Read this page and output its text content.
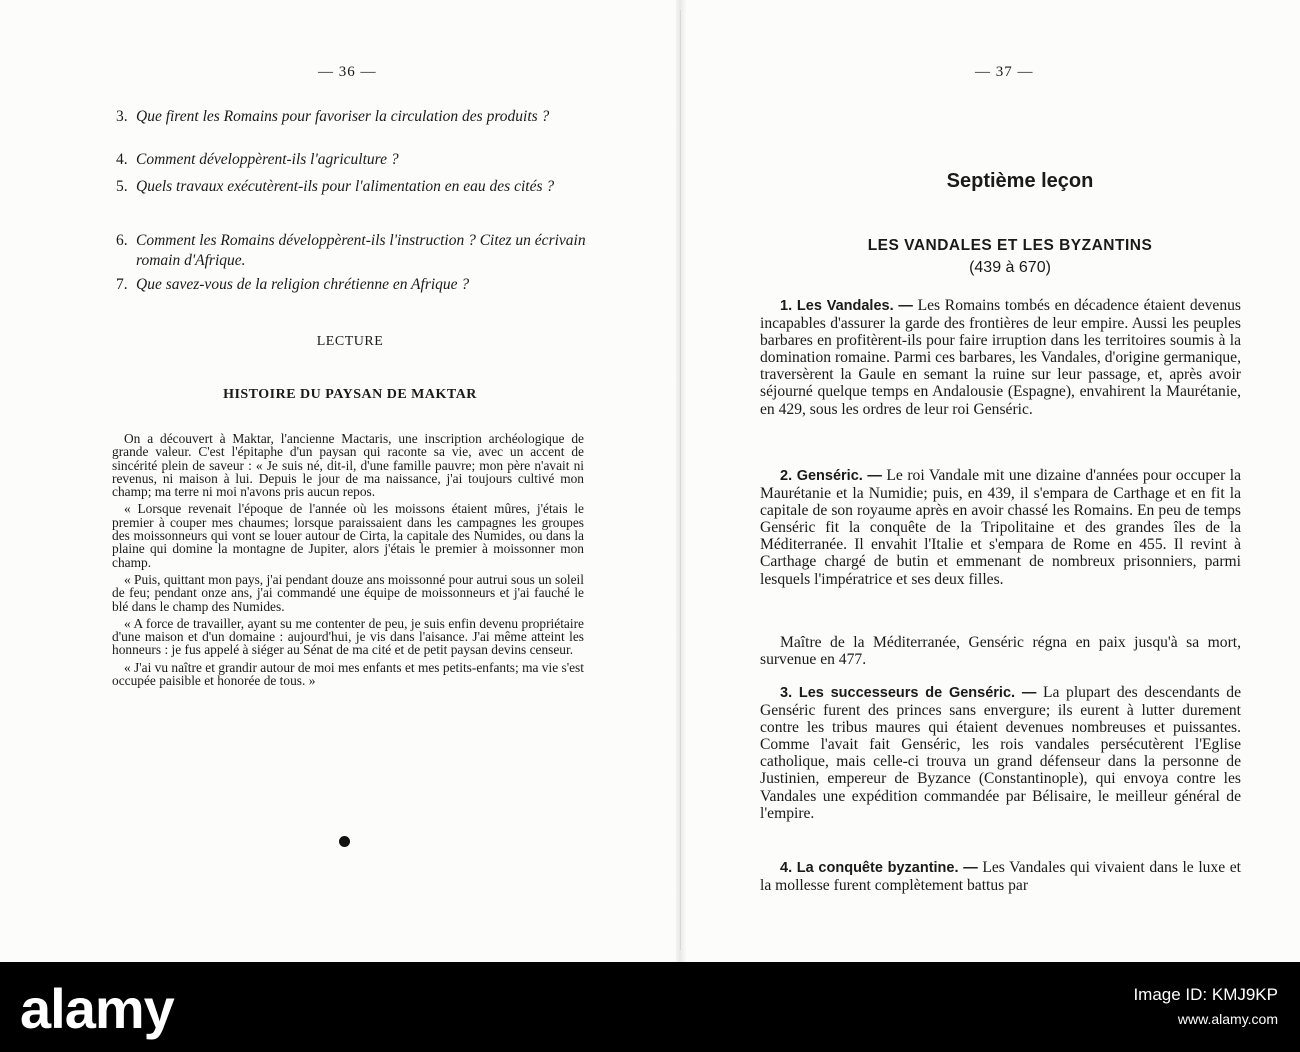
— 36 —
3. Que firent les Romains pour favoriser la circulation des produits ?
4. Comment développèrent-ils l'agriculture ?
5. Quels travaux exécutèrent-ils pour l'alimentation en eau des cités ?
6. Comment les Romains développèrent-ils l'instruction ? Citez un écrivain romain d'Afrique.
7. Que savez-vous de la religion chrétienne en Afrique ?
LECTURE
HISTOIRE DU PAYSAN DE MAKTAR

On a découvert à Maktar, l'ancienne Mactaris, une inscription archéologique de grande valeur. C'est l'épitaphe d'un paysan qui raconte sa vie, avec un accent de sincérité plein de saveur : « Je suis né, dit-il, d'une famille pauvre; mon père n'avait ni revenus, ni maison à lui. Depuis le jour de ma naissance, j'ai toujours cultivé mon champ; ma terre ni moi n'avons pris aucun repos.

« Lorsque revenait l'époque de l'année où les moissons étaient mûres, j'étais le premier à couper mes chaumes; lorsque paraissaient dans les campagnes les groupes des moissonneurs qui vont se louer autour de Cirta, la capitale des Numides, ou dans la plaine qui domine la montagne de Jupiter, alors j'étais le premier à moissonner mon champ.

« Puis, quittant mon pays, j'ai pendant douze ans moissonné pour autrui sous un soleil de feu; pendant onze ans, j'ai commandé une équipe de moissonneurs et j'ai fauché le blé dans le champ des Numides.

« A force de travailler, ayant su me contenter de peu, je suis enfin devenu propriétaire d'une maison et d'un domaine : aujourd'hui, je vis dans l'aisance. J'ai même atteint les honneurs : je fus appelé à siéger au Sénat de ma cité et de petit paysan devins censeur.

« J'ai vu naître et grandir autour de moi mes enfants et mes petits-enfants; ma vie s'est occupée paisible et honorée de tous. »

— 37 —
Septième leçon
LES VANDALES ET LES BYZANTINS
(439 à 670)
1. Les Vandales. — Les Romains tombés en décadence étaient devenus incapables d'assurer la garde des frontières de leur empire. Aussi les peuples barbares en profitèrent-ils pour faire irruption dans les territoires soumis à la domination romaine. Parmi ces barbares, les Vandales, d'origine germanique, traversèrent la Gaule en semant la ruine sur leur passage, et, après avoir séjourné quelque temps en Andalousie (Espagne), envahirent la Maurétanie, en 429, sous les ordres de leur roi Genséric.
2. Genséric. — Le roi Vandale mit une dizaine d'années pour occuper la Maurétanie et la Numidie; puis, en 439, il s'empara de Carthage et en fit la capitale de son royaume après en avoir chassé les Romains. En peu de temps Genséric fit la conquête de la Tripolitaine et des grandes îles de la Méditerranée. Il envahit l'Italie et s'empara de Rome en 455. Il revint à Carthage chargé de butin et emmenant de nombreux prisonniers, parmi lesquels l'impératrice et ses deux filles.
Maître de la Méditerranée, Genséric régna en paix jusqu'à sa mort, survenue en 477.
3. Les successeurs de Genséric. — La plupart des descendants de Genséric furent des princes sans envergure; ils eurent à lutter durement contre les tribus maures qui étaient devenues nombreuses et puissantes. Comme l'avait fait Genséric, les rois vandales persécutèrent l'Eglise catholique, mais celle-ci trouva un grand défenseur dans la personne de Justinien, empereur de Byzance (Constantinople), qui envoya contre les Vandales une expédition commandée par Bélisaire, le meilleur général de l'empire.
4. La conquête byzantine. — Les Vandales qui vivaient dans le luxe et la mollesse furent complètement battus par
alamy	Image ID: KMJ9KP
www.alamy.com
